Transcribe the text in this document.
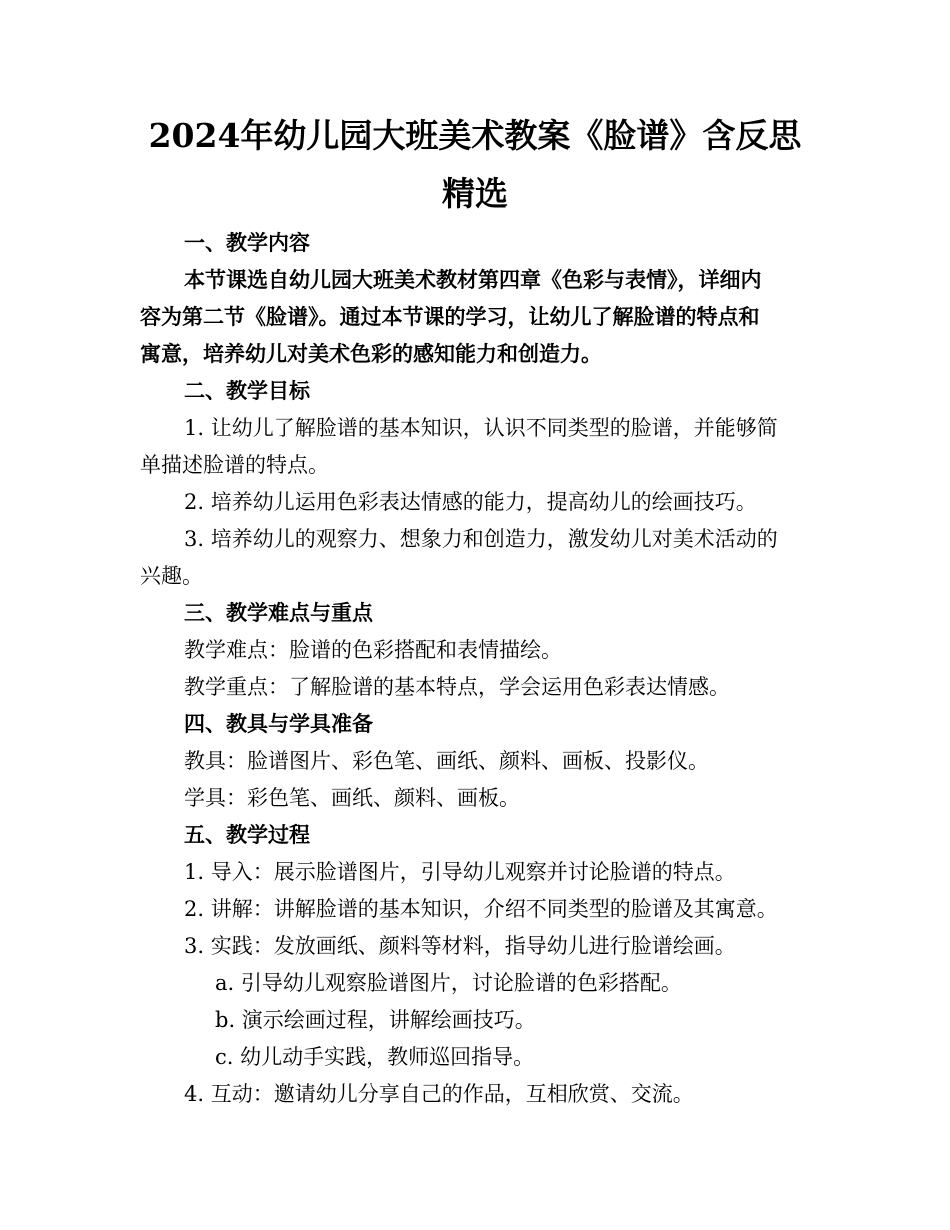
2024年幼儿园大班美术教案《脸谱》含反思
精选
一、教学内容
本节课选自幼儿园大班美术教材第四章《色彩与表情》，详细内
容为第二节《脸谱》。通过本节课的学习，让幼儿了解脸谱的特点和
寓意，培养幼儿对美术色彩的感知能力和创造力。
二、教学目标
1. 让幼儿了解脸谱的基本知识，认识不同类型的脸谱，并能够简
单描述脸谱的特点。
2. 培养幼儿运用色彩表达情感的能力，提高幼儿的绘画技巧。
3. 培养幼儿的观察力、想象力和创造力，激发幼儿对美术活动的
兴趣。
三、教学难点与重点
教学难点：脸谱的色彩搭配和表情描绘。
教学重点：了解脸谱的基本特点，学会运用色彩表达情感。
四、教具与学具准备
教具：脸谱图片、彩色笔、画纸、颜料、画板、投影仪。
学具：彩色笔、画纸、颜料、画板。
五、教学过程
1. 导入：展示脸谱图片，引导幼儿观察并讨论脸谱的特点。
2. 讲解：讲解脸谱的基本知识，介绍不同类型的脸谱及其寓意。
3. 实践：发放画纸、颜料等材料，指导幼儿进行脸谱绘画。
a. 引导幼儿观察脸谱图片，讨论脸谱的色彩搭配。
b. 演示绘画过程，讲解绘画技巧。
c. 幼儿动手实践，教师巡回指导。
4. 互动：邀请幼儿分享自己的作品，互相欣赏、交流。
